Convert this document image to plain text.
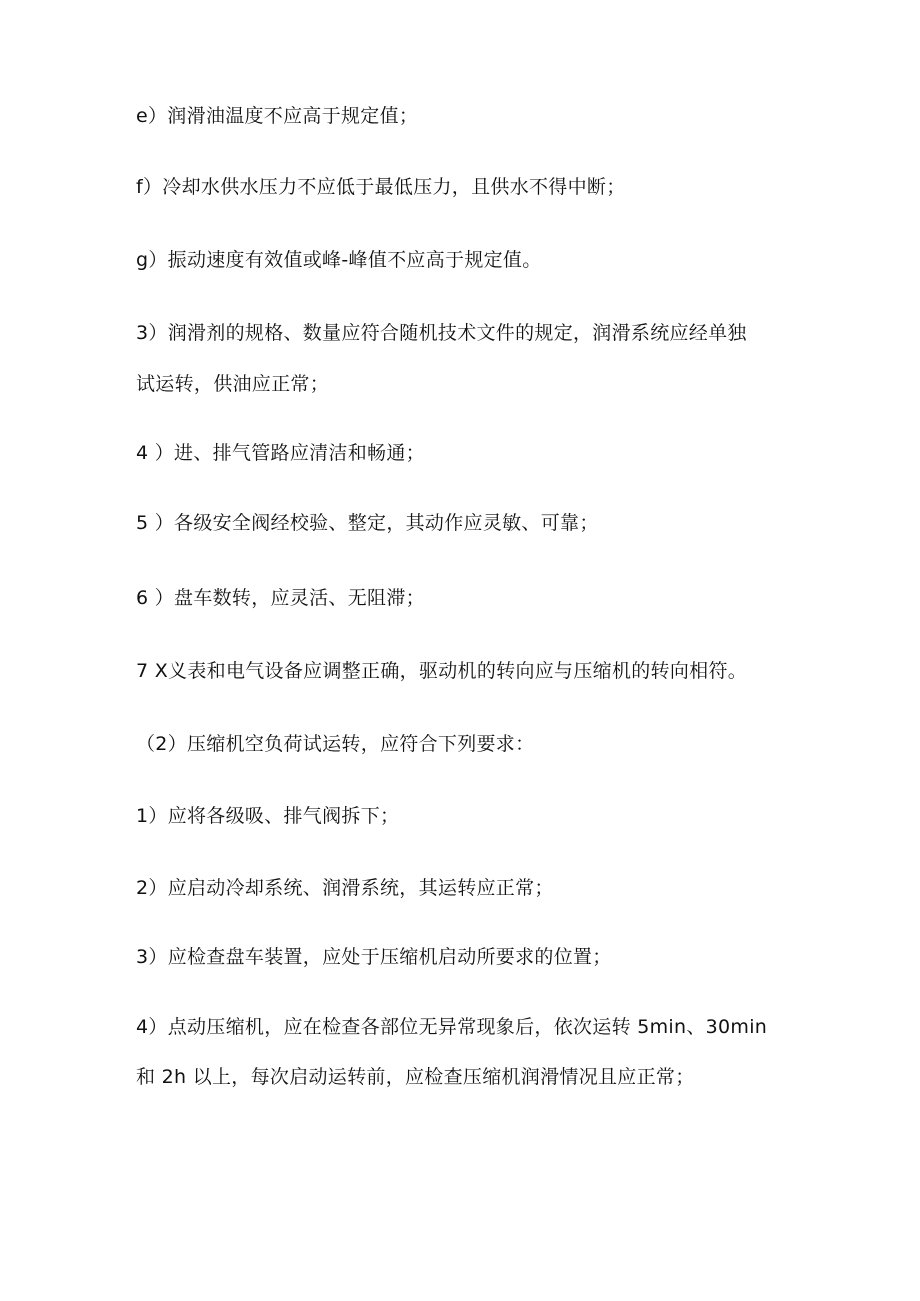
e）润滑油温度不应高于规定值；
f）冷却水供水压力不应低于最低压力，且供水不得中断；
g）振动速度有效值或峰-峰值不应高于规定值。
3）润滑剂的规格、数量应符合随机技术文件的规定，润滑系统应经单独
试运转，供油应正常；
4 ）进、排气管路应清洁和畅通；
5 ）各级安全阀经校验、整定，其动作应灵敏、可靠；
6 ）盘车数转，应灵活、无阻滞；
7 X义表和电气设备应调整正确，驱动机的转向应与压缩机的转向相符。
（2）压缩机空负荷试运转，应符合下列要求：
1）应将各级吸、排气阀拆下；
2）应启动冷却系统、润滑系统，其运转应正常；
3）应检查盘车装置，应处于压缩机启动所要求的位置；
4）点动压缩机，应在检查各部位无异常现象后，依次运转 5min、30min
和 2h 以上，每次启动运转前，应检查压缩机润滑情况且应正常；
